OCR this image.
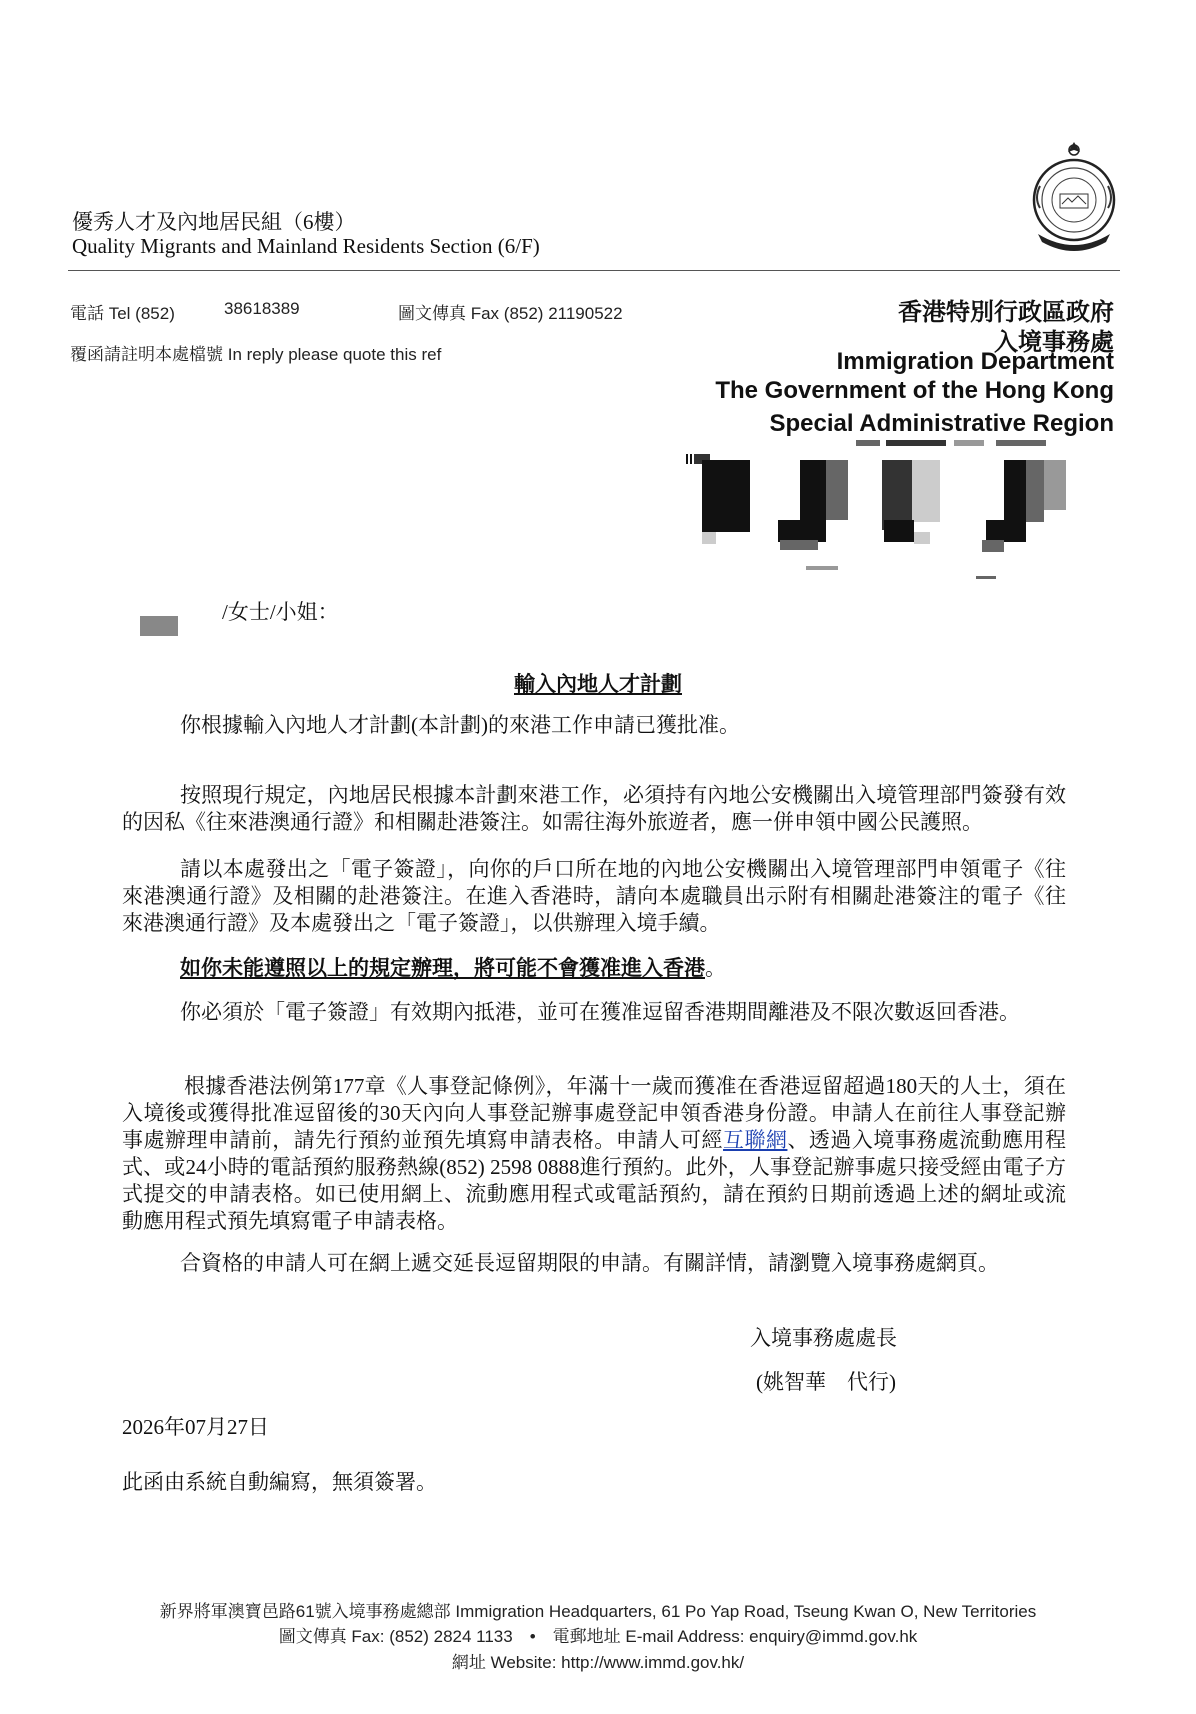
優秀人才及內地居民組（6樓）
Quality Migrants and Mainland Residents Section (6/F)
電話 Tel (852)	38618389	圖文傳真 Fax (852) 21190522
覆函請註明本處檔號 In reply please quote this ref
香港特別行政區政府
入境事務處
Immigration Department
The Government of the Hong Kong
Special Administrative Region
/女士/小姐：
輸入內地人才計劃
你根據輸入內地人才計劃(本計劃)的來港工作申請已獲批准。
按照現行規定，內地居民根據本計劃來港工作，必須持有內地公安機關出入境管理部門簽發有效的因私《往來港澳通行證》和相關赴港簽注。如需往海外旅遊者，應一併申領中國公民護照。
請以本處發出之「電子簽證」，向你的戶口所在地的內地公安機關出入境管理部門申領電子《往來港澳通行證》及相關的赴港簽注。在進入香港時，請向本處職員出示附有相關赴港簽注的電子《往來港澳通行證》及本處發出之「電子簽證」，以供辦理入境手續。
如你未能遵照以上的規定辦理，將可能不會獲准進入香港。
你必須於「電子簽證」有效期內抵港，並可在獲准逗留香港期間離港及不限次數返回香港。
根據香港法例第177章《人事登記條例》，年滿十一歲而獲准在香港逗留超過180天的人士，須在入境後或獲得批准逗留後的30天內向人事登記辦事處登記申領香港身份證。申請人在前往人事登記辦事處辦理申請前，請先行預約並預先填寫申請表格。申請人可經互聯網、透過入境事務處流動應用程式、或24小時的電話預約服務熱線(852) 2598 0888進行預約。此外，人事登記辦事處只接受經由電子方式提交的申請表格。如已使用網上、流動應用程式或電話預約，請在預約日期前透過上述的網址或流動應用程式預先填寫電子申請表格。
合資格的申請人可在網上遞交延長逗留期限的申請。有關詳情，請瀏覽入境事務處網頁。
入境事務處處長
(姚智華　代行)
2026年07月27日
此函由系統自動編寫，無須簽署。
新界將軍澳寶邑路61號入境事務處總部 Immigration Headquarters, 61 Po Yap Road, Tseung Kwan O, New Territories
圖文傳真 Fax: (852) 2824 1133　•　電郵地址 E-mail Address: enquiry@immd.gov.hk
網址 Website: http://www.immd.gov.hk/
